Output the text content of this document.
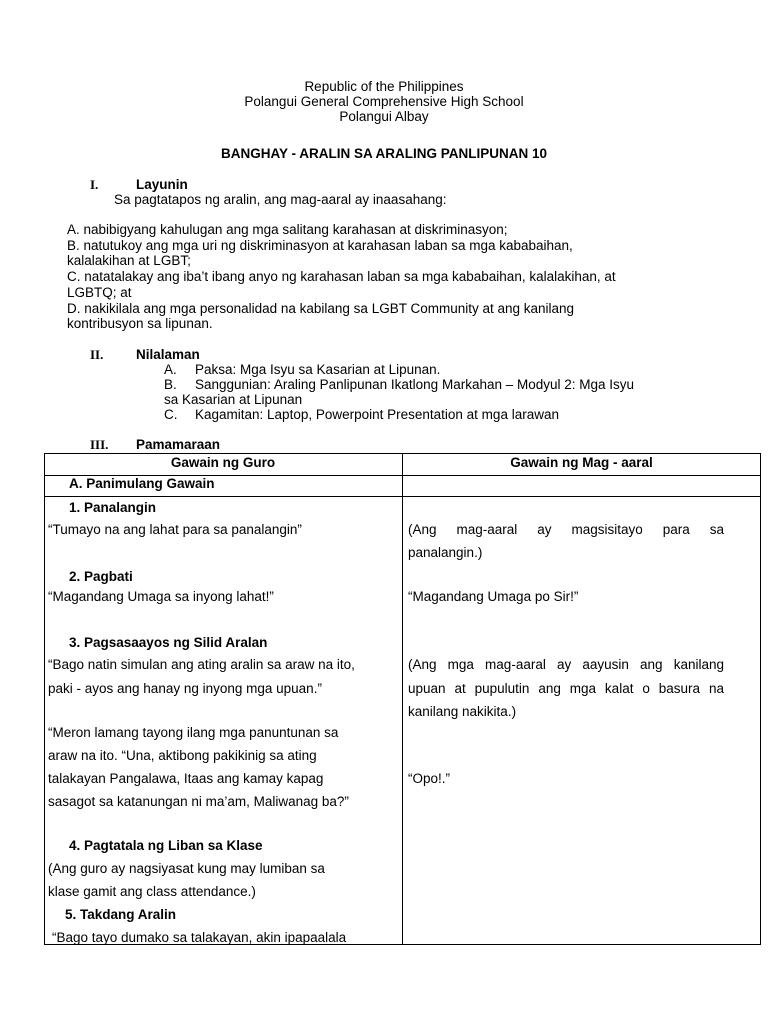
Republic of the Philippines
Polangui General Comprehensive High School
Polangui Albay
BANGHAY - ARALIN SA ARALING PANLIPUNAN 10
I.	Layunin
Sa pagtatapos ng aralin, ang mag-aaral ay inaasahang:
A. nabibigyang kahulugan ang mga salitang karahasan at diskriminasyon;
B. natutukoy ang mga uri ng diskriminasyon at karahasan laban sa mga kababaihan,
kalalakihan at LGBT;
C. natatalakay ang iba’t ibang anyo ng karahasan laban sa mga kababaihan, kalalakihan, at
LGBTQ; at
D. nakikilala ang mga personalidad na kabilang sa LGBT Community at ang kanilang
kontribusyon sa lipunan.
II. Nilalaman
A. Paksa: Mga Isyu sa Kasarian at Lipunan.
B. Sanggunian: Araling Panlipunan Ikatlong Markahan – Modyul 2: Mga Isyu
sa Kasarian at Lipunan
C. Kagamitan: Laptop, Powerpoint Presentation at mga larawan
III. Pamamaraan
Gawain ng Guro	Gawain ng Mag - aaral
A. Panimulang Gawain
1. Panalangin
“Tumayo na ang lahat para sa panalangin”
2. Pagbati
“Magandang Umaga sa inyong lahat!”
3. Pagsasaayos ng Silid Aralan
“Bago natin simulan ang ating aralin sa araw na ito,
paki - ayos ang hanay ng inyong mga upuan.”
“Meron lamang tayong ilang mga panuntunan sa
araw na ito. “Una, aktibong pakikinig sa ating
talakayan Pangalawa, Itaas ang kamay kapag
sasagot sa katanungan ni ma’am, Maliwanag ba?”
4. Pagtatala ng Liban sa Klase
(Ang guro ay nagsiyasat kung may lumiban sa
klase gamit ang class attendance.)
5. Takdang Aralin
“Bago tayo dumako sa talakayan, akin ipapaalala
(Ang mag-aaral ay magsisitayo para sa
panalangin.)
“Magandang Umaga po Sir!”
(Ang mga mag-aaral ay aayusin ang kanilang
upuan at pupulutin ang mga kalat o basura na
kanilang nakikita.)
“Opo!.”
